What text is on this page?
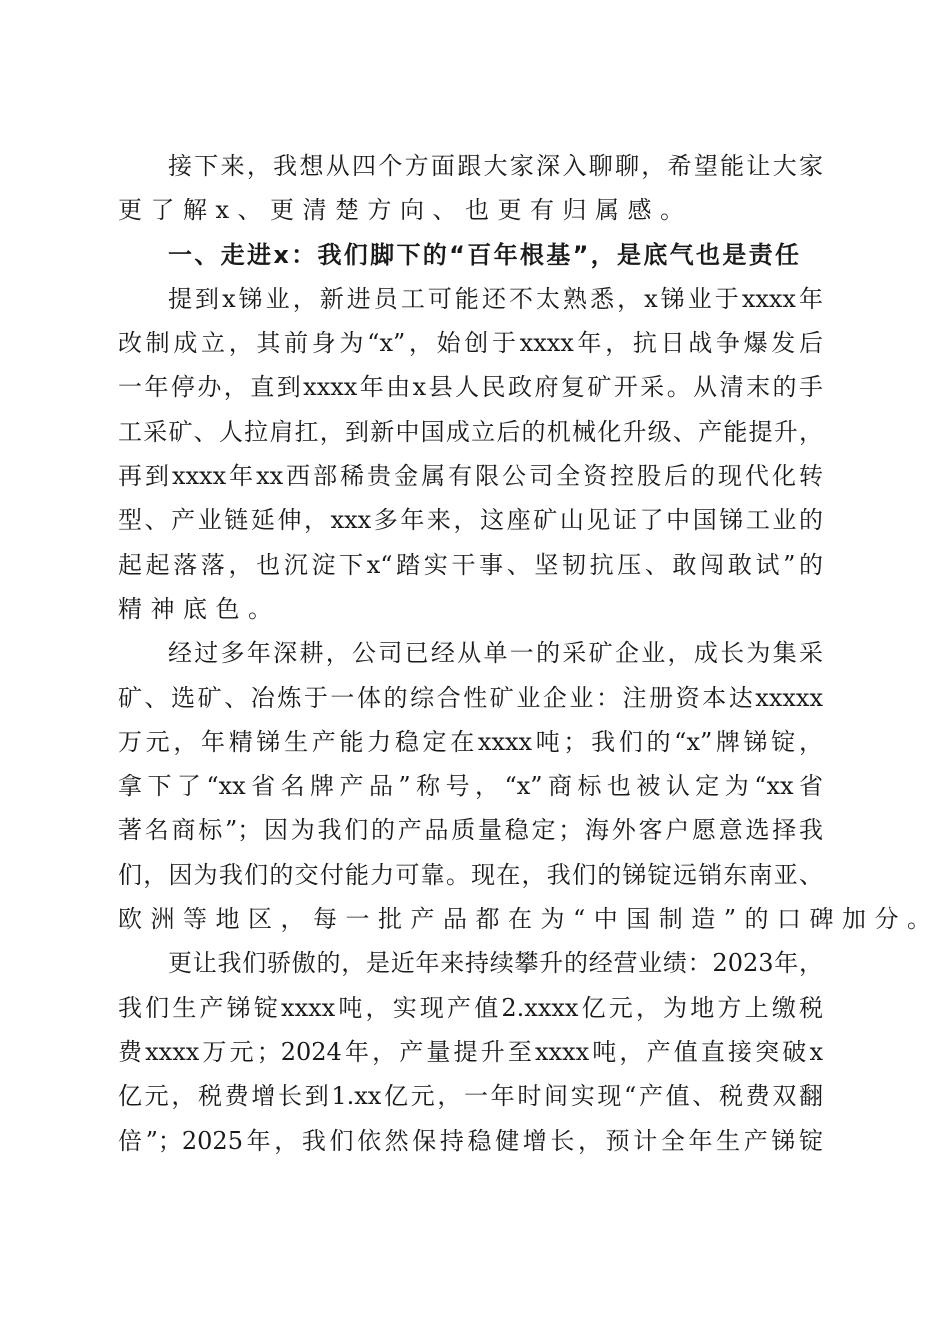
接下来，我想从四个方面跟大家深入聊聊，希望能让大家
更了解x、更清楚方向、也更有归属感。
一、走进x：我们脚下的“百年根基”，是底气也是责任
提到x锑业，新进员工可能还不太熟悉，x锑业于xxxx年
改制成立，其前身为“x”，始创于xxxx年，抗日战争爆发后
一年停办，直到xxxx年由x县人民政府复矿开采。从清末的手
工采矿、人拉肩扛，到新中国成立后的机械化升级、产能提升，
再到xxxx年xx西部稀贵金属有限公司全资控股后的现代化转
型、产业链延伸，xxx多年来，这座矿山见证了中国锑工业的
起起落落，也沉淀下x“踏实干事、坚韧抗压、敢闯敢试”的
精神底色。
经过多年深耕，公司已经从单一的采矿企业，成长为集采
矿、选矿、冶炼于一体的综合性矿业企业：注册资本达xxxxx
万元，年精锑生产能力稳定在xxxx吨；我们的“x”牌锑锭，
拿下了“xx省名牌产品”称号，“x”商标也被认定为“xx省
著名商标”；因为我们的产品质量稳定；海外客户愿意选择我
们，因为我们的交付能力可靠。现在，我们的锑锭远销东南亚、
欧洲等地区，每一批产品都在为“中国制造”的口碑加分。
更让我们骄傲的，是近年来持续攀升的经营业绩：2023年，
我们生产锑锭xxxx吨，实现产值2.xxxx亿元，为地方上缴税
费xxxx万元；2024年，产量提升至xxxx吨，产值直接突破x
亿元，税费增长到1.xx亿元，一年时间实现“产值、税费双翻
倍”；2025年，我们依然保持稳健增长，预计全年生产锑锭
